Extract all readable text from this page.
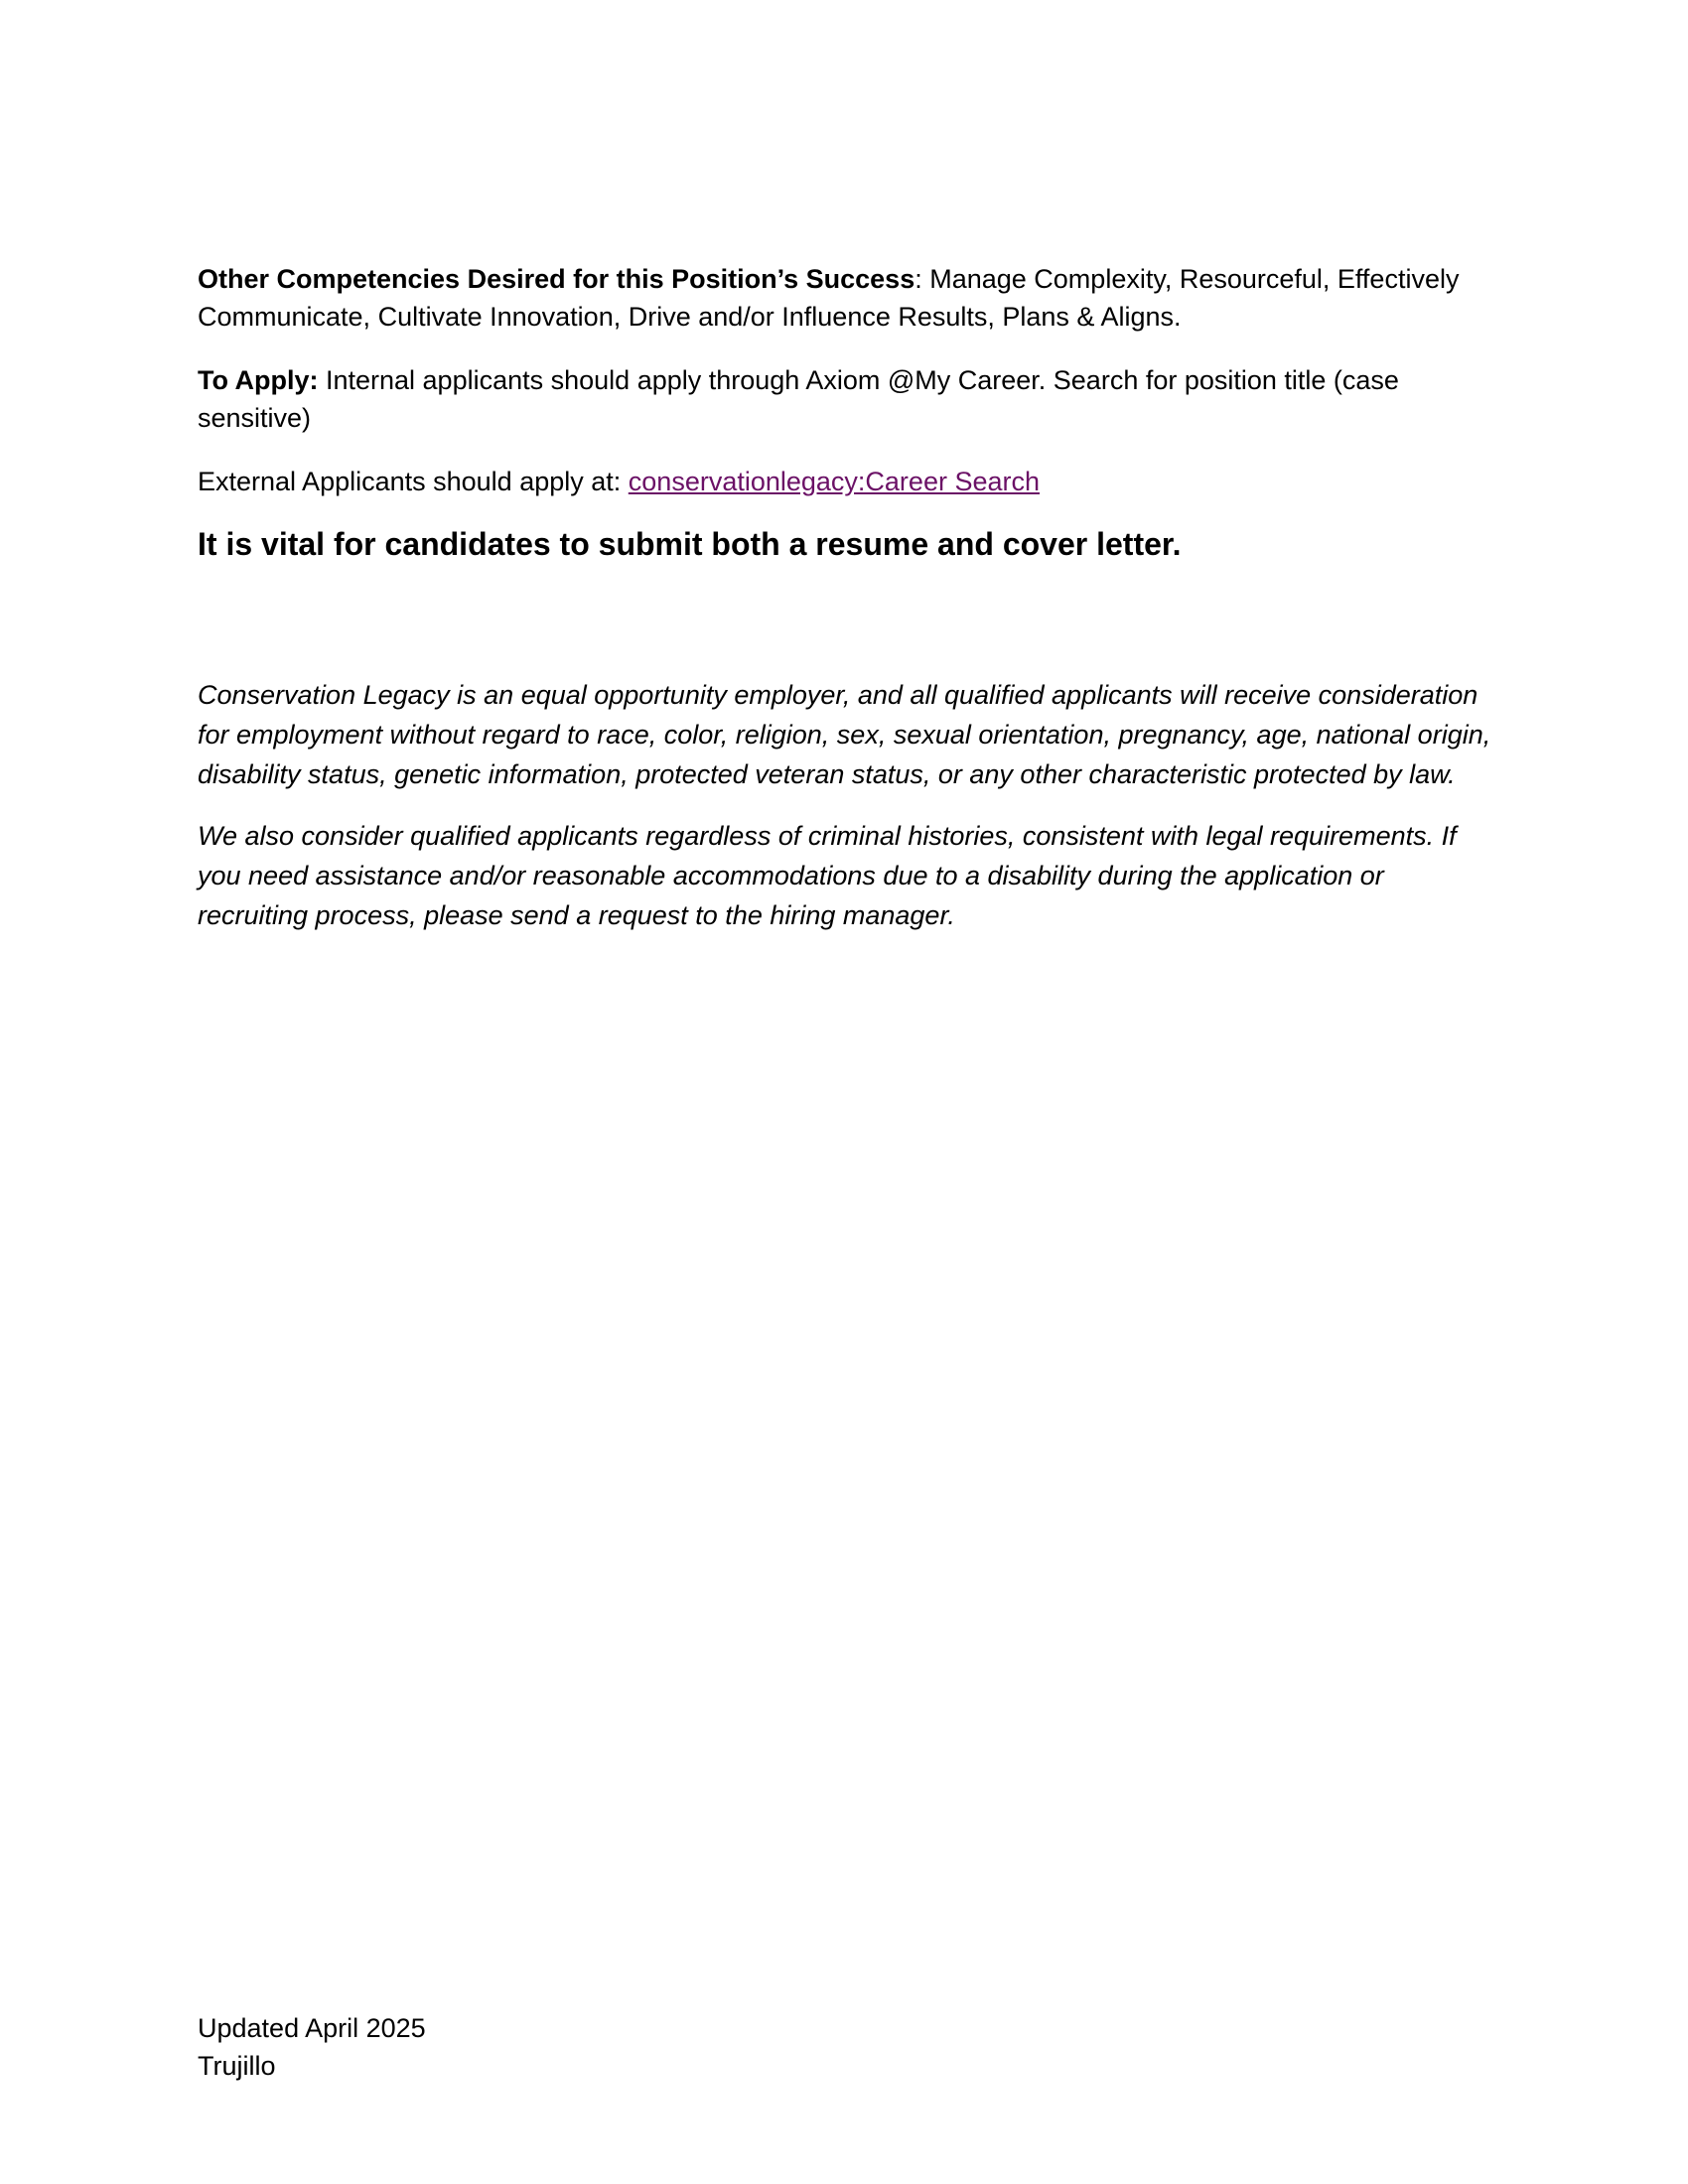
Other Competencies Desired for this Position’s Success: Manage Complexity, Resourceful, Effectively Communicate, Cultivate Innovation, Drive and/or Influence Results, Plans & Aligns.

To Apply: Internal applicants should apply through Axiom @My Career. Search for position title (case sensitive)

External Applicants should apply at: conservationlegacy:Career Search

It is vital for candidates to submit both a resume and cover letter.

Conservation Legacy is an equal opportunity employer, and all qualified applicants will receive consideration for employment without regard to race, color, religion, sex, sexual orientation, pregnancy, age, national origin, disability status, genetic information, protected veteran status, or any other characteristic protected by law.

We also consider qualified applicants regardless of criminal histories, consistent with legal requirements. If you need assistance and/or reasonable accommodations due to a disability during the application or recruiting process, please send a request to the hiring manager.

Updated April 2025
Trujillo
